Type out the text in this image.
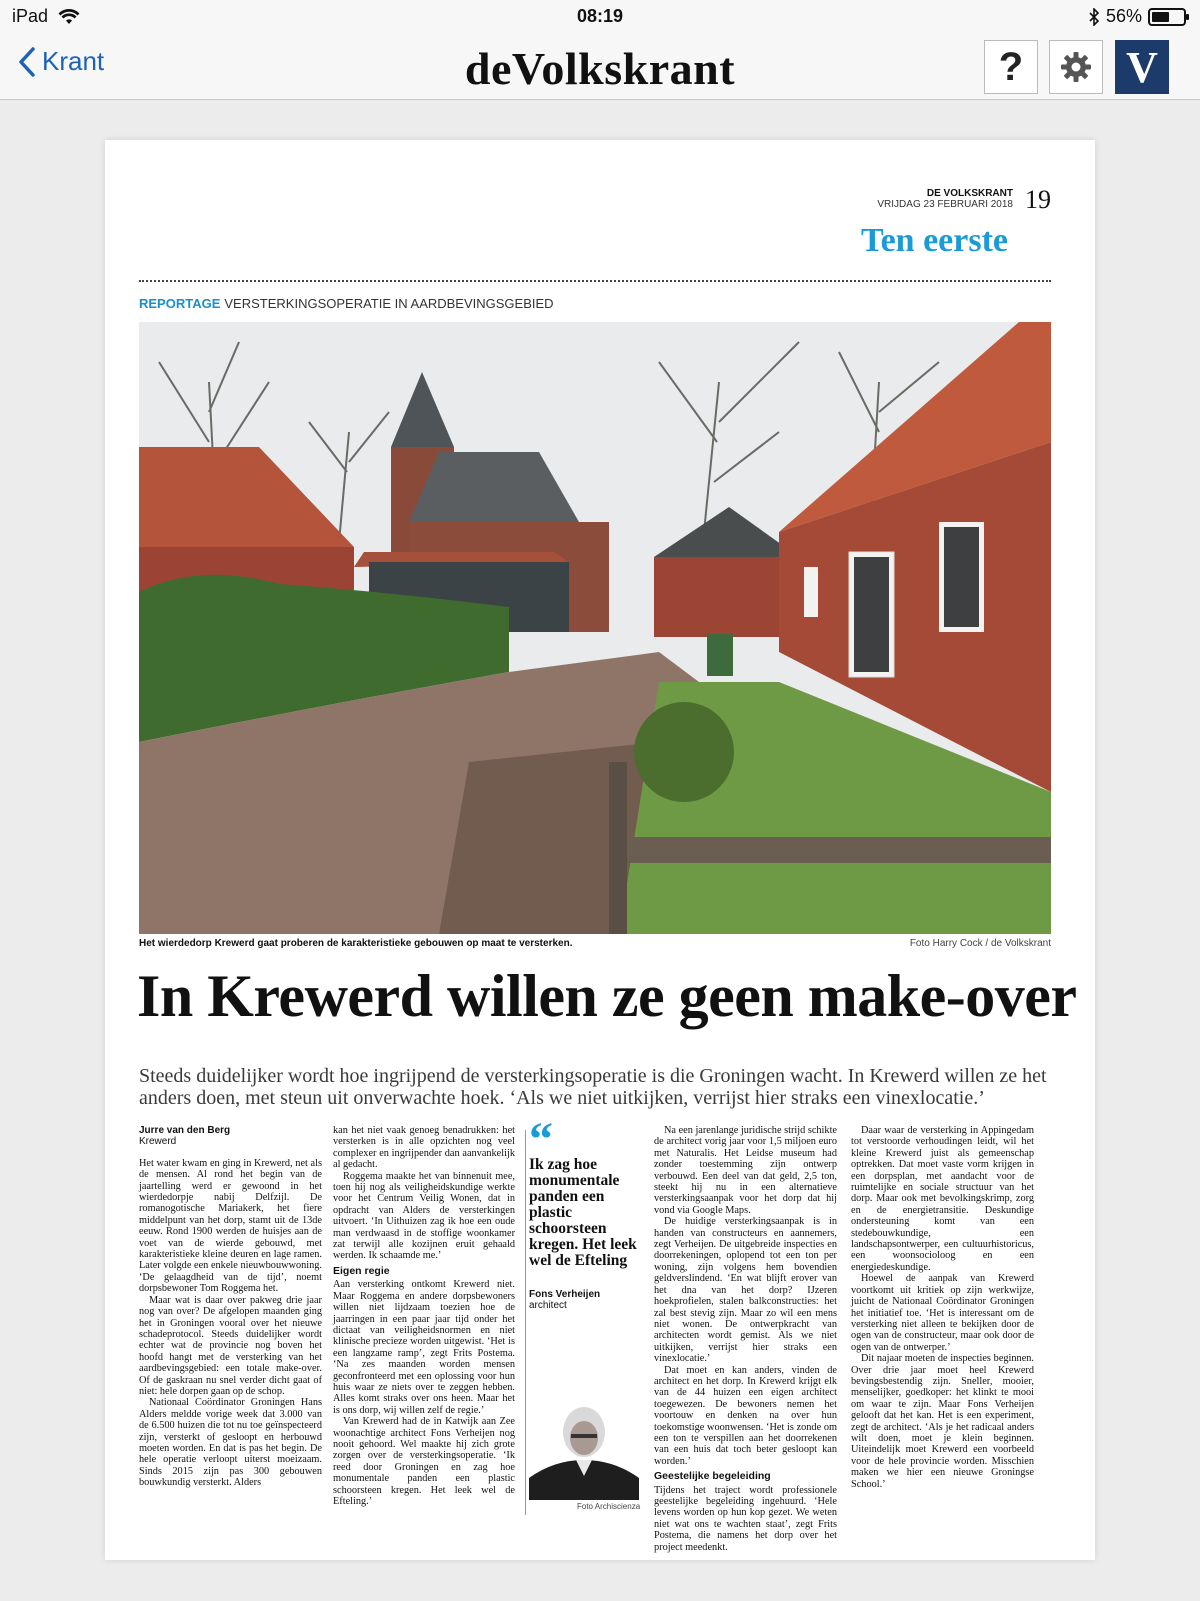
iPad	08:19	56%
Krant	deVolkskrant	?	V
DE VOLKSKRANT
VRIJDAG 23 FEBRUARI 2018 19
Ten eerste
REPORTAGE VERSTERKINGSOPERATIE IN AARDBEVINGSGEBIED
Het wierdedorp Krewerd gaat proberen de karakteristieke gebouwen op maat te versterken.	Foto Harry Cock / de Volkskrant
In Krewerd willen ze geen make-over
Steeds duidelijker wordt hoe ingrijpend de versterkingsoperatie is die Groningen wacht. In Krewerd willen ze het anders doen, met steun uit onverwachte hoek. ‘Als we niet uitkijken, verrijst hier straks een vinexlocatie.’
Jurre van den Berg
Krewerd

Het water kwam en ging in Krewerd, net als de mensen. Al rond het begin van de jaartelling werd er gewoond in het wierdedorpje nabij Delfzijl. De romanogotische Mariakerk, het fiere middelpunt van het dorp, stamt uit de 13de eeuw. Rond 1900 werden de huisjes aan de voet van de wierde gebouwd, met karakteristieke kleine deuren en lage ramen. Later volgde een enkele nieuwbouwwoning. ‘De gelaagdheid van de tijd’, noemt dorpsbewoner Tom Roggema het.

Maar wat is daar over pakweg drie jaar nog van over? De afgelopen maanden ging het in Groningen vooral over het nieuwe schadeprotocol. Steeds duidelijker wordt echter wat de provincie nog boven het hoofd hangt met de versterking van het aardbevingsgebied: een totale make-over. Of de gaskraan nu snel verder dicht gaat of niet: hele dorpen gaan op de schop.

Nationaal Coördinator Groningen Hans Alders meldde vorige week dat 3.000 van de 6.500 huizen die tot nu toe geïnspecteerd zijn, versterkt of gesloopt en herbouwd moeten worden. En dat is pas het begin. De hele operatie verloopt uiterst moeizaam. Sinds 2015 zijn pas 300 gebouwen bouwkundig versterkt. Alders

kan het niet vaak genoeg benadrukken: het versterken is in alle opzichten nog veel complexer en ingrijpender dan aanvankelijk al gedacht.

Roggema maakte het van binnenuit mee, toen hij nog als veiligheidskundige werkte voor het Centrum Veilig Wonen, dat in opdracht van Alders de versterkingen uitvoert. ‘In Uithuizen zag ik hoe een oude man verdwaasd in de stoffige woonkamer zat terwijl alle kozijnen eruit gehaald werden. Ik schaamde me.’

Eigen regie

Aan versterking ontkomt Krewerd niet. Maar Roggema en andere dorpsbewoners willen niet lijdzaam toezien hoe de jaarringen in een paar jaar tijd onder het dictaat van veiligheidsnormen en niet klinische precieze worden uitgewist. ‘Het is een langzame ramp’, zegt Frits Postema. ‘Na zes maanden worden mensen geconfronteerd met een oplossing voor hun huis waar ze niets over te zeggen hebben. Alles komt straks over ons heen. Maar het is ons dorp, wij willen zelf de regie.’

Van Krewerd had de in Katwijk aan Zee woonachtige architect Fons Verheijen nog nooit gehoord. Wel maakte hij zich grote zorgen over de versterkingsoperatie. ‘Ik reed door Groningen en zag hoe monumentale panden een plastic schoorsteen kregen. Het leek wel de Efteling.’

“
Ik zag hoe monumentale panden een plastic schoorsteen kregen. Het leek wel de Efteling
Fons Verheijen
architect
Foto Archiscienza

Na een jarenlange juridische strijd schikte de architect vorig jaar voor 1,5 miljoen euro met Naturalis. Het Leidse museum had zonder toestemming zijn ontwerp verbouwd. Een deel van dat geld, 2,5 ton, steekt hij nu in een alternatieve versterkingsaanpak voor het dorp dat hij vond via Google Maps.

De huidige versterkingsaanpak is in handen van constructeurs en aannemers, zegt Verheijen. De uitgebreide inspecties en doorrekeningen, oplopend tot een ton per woning, zijn volgens hem bovendien geldverslindend. ‘En wat blijft erover van het dna van het dorp? IJzeren hoekprofielen, stalen balkconstructies: het zal best stevig zijn. Maar zo wil een mens niet wonen. De ontwerpkracht van architecten wordt gemist. Als we niet uitkijken, verrijst hier straks een vinexlocatie.’

Dat moet en kan anders, vinden de architect en het dorp. In Krewerd krijgt elk van de 44 huizen een eigen architect toegewezen. De bewoners nemen het voortouw en denken na over hun toekomstige woonwensen. ‘Het is zonde om een ton te verspillen aan het doorrekenen van een huis dat toch beter gesloopt kan worden.’

Geestelijke begeleiding

Tijdens het traject wordt professionele geestelijke begeleiding ingehuurd. ‘Hele levens worden op hun kop gezet. We weten niet wat ons te wachten staat’, zegt Frits Postema, die namens het dorp over het project meedenkt.

Daar waar de versterking in Appingedam tot verstoorde verhoudingen leidt, wil het kleine Krewerd juist als gemeenschap optrekken. Dat moet vaste vorm krijgen in een dorpsplan, met aandacht voor de ruimtelijke en sociale structuur van het dorp. Maar ook met bevolkingskrimp, zorg en de energietransitie. Deskundige ondersteuning komt van een stedebouwkundige, een landschapsontwerper, een cultuurhistoricus, een woonsocioloog en een energiedeskundige.

Hoewel de aanpak van Krewerd voortkomt uit kritiek op zijn werkwijze, juicht de Nationaal Coördinator Groningen het initiatief toe. ‘Het is interessant om de versterking niet alleen te bekijken door de ogen van de constructeur, maar ook door de ogen van de ontwerper.’

Dit najaar moeten de inspecties beginnen. Over drie jaar moet heel Krewerd bevingsbestendig zijn. Sneller, mooier, menselijker, goedkoper: het klinkt te mooi om waar te zijn. Maar Fons Verheijen gelooft dat het kan. Het is een experiment, zegt de architect. ‘Als je het radicaal anders wilt doen, moet je klein beginnen. Uiteindelijk moet Krewerd een voorbeeld voor de hele provincie worden. Misschien maken we hier een nieuwe Groningse School.’
